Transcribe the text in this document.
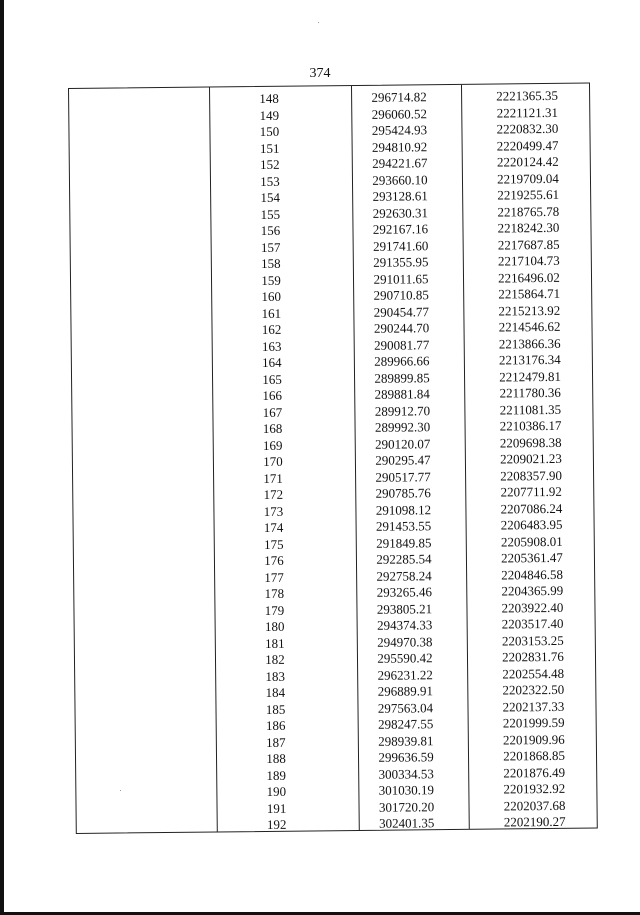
374
148	296714.82	2221365.35
149	296060.52	2221121.31
150	295424.93	2220832.30
151	294810.92	2220499.47
152	294221.67	2220124.42
153	293660.10	2219709.04
154	293128.61	2219255.61
155	292630.31	2218765.78
156	292167.16	2218242.30
157	291741.60	2217687.85
158	291355.95	2217104.73
159	291011.65	2216496.02
160	290710.85	2215864.71
161	290454.77	2215213.92
162	290244.70	2214546.62
163	290081.77	2213866.36
164	289966.66	2213176.34
165	289899.85	2212479.81
166	289881.84	2211780.36
167	289912.70	2211081.35
168	289992.30	2210386.17
169	290120.07	2209698.38
170	290295.47	2209021.23
171	290517.77	2208357.90
172	290785.76	2207711.92
173	291098.12	2207086.24
174	291453.55	2206483.95
175	291849.85	2205908.01
176	292285.54	2205361.47
177	292758.24	2204846.58
178	293265.46	2204365.99
179	293805.21	2203922.40
180	294374.33	2203517.40
181	294970.38	2203153.25
182	295590.42	2202831.76
183	296231.22	2202554.48
184	296889.91	2202322.50
185	297563.04	2202137.33
186	298247.55	2201999.59
187	298939.81	2201909.96
188	299636.59	2201868.85
189	300334.53	2201876.49
190	301030.19	2201932.92
191	301720.20	2202037.68
192	302401.35	2202190.27
